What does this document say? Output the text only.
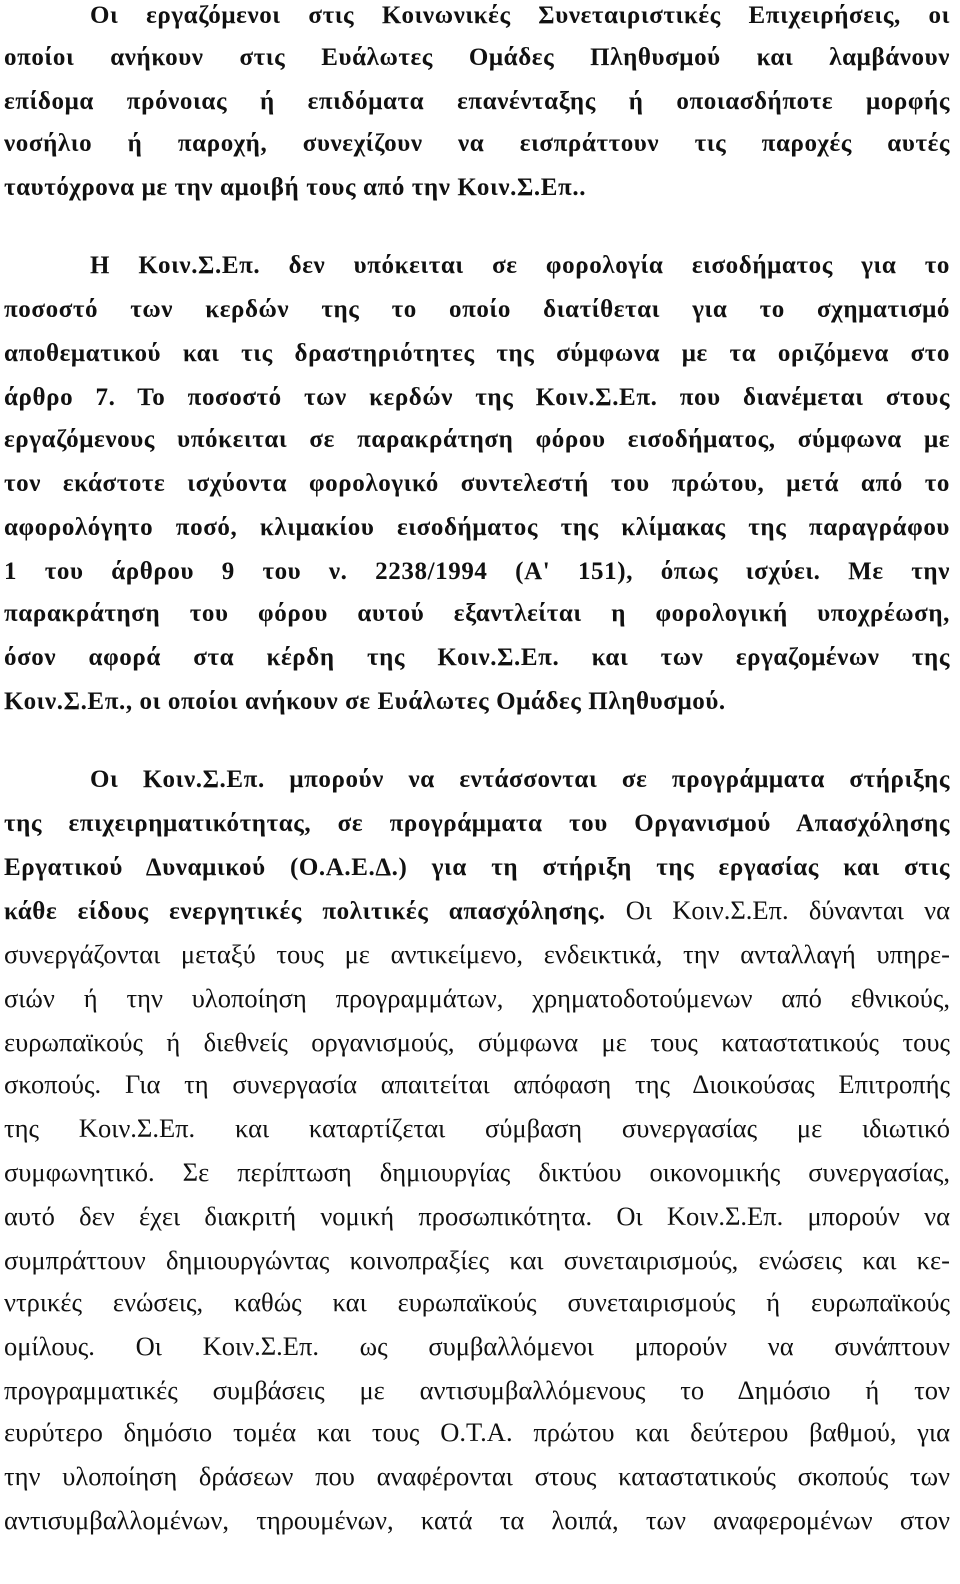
Οι εργαζόμενοι στις Κοινωνικές Συνεταιριστικές Επιχειρήσεις, οι

οποίοι ανήκουν στις Ευάλωτες Ομάδες Πληθυσμού και λαμβάνουν

επίδομα πρόνοιας ή επιδόματα επανένταξης ή οποιασδήποτε μορφής

νοσήλιο ή παροχή, συνεχίζουν να εισπράττουν τις παροχές αυτές

ταυτόχρονα με την αμοιβή τους από την Κοιν.Σ.Επ..

Η Κοιν.Σ.Επ. δεν υπόκειται σε φορολογία εισοδήματος για το

ποσοστό των κερδών της το οποίο διατίθεται για το σχηματισμό

αποθεματικού και τις δραστηριότητες της σύμφωνα με τα οριζόμενα στο

άρθρο 7. Το ποσοστό των κερδών της Κοιν.Σ.Επ. που διανέμεται στους

εργαζόμενους υπόκειται σε παρακράτηση φόρου εισοδήματος, σύμφωνα με

τον εκάστοτε ισχύοντα φορολογικό συντελεστή του πρώτου, μετά από το

αφορολόγητο ποσό, κλιμακίου εισοδήματος της κλίμακας της παραγράφου

1 του άρθρου 9 του ν. 2238/1994 (Α' 151), όπως ισχύει. Με την

παρακράτηση του φόρου αυτού εξαντλείται η φορολογική υποχρέωση,

όσον αφορά στα κέρδη της Κοιν.Σ.Επ. και των εργαζομένων της

Κοιν.Σ.Επ., οι οποίοι ανήκουν σε Ευάλωτες Ομάδες Πληθυσμού.

Οι Κοιν.Σ.Επ. μπορούν να εντάσσονται σε προγράμματα στήριξης

της επιχειρηματικότητας, σε προγράμματα του Οργανισμού Απασχόλησης

Εργατικού Δυναμικού (Ο.Α.Ε.Δ.) για τη στήριξη της εργασίας και στις

κάθε είδους ενεργητικές πολιτικές απασχόλησης. Οι Κοιν.Σ.Επ. δύνανται να

συνεργάζονται μεταξύ τους με αντικείμενο, ενδεικτικά, την ανταλλαγή υπηρε-

σιών ή την υλοποίηση προγραμμάτων, χρηματοδοτούμενων από εθνικούς,

ευρωπαϊκούς ή διεθνείς οργανισμούς, σύμφωνα με τους καταστατικούς τους

σκοπούς. Για τη συνεργασία απαιτείται απόφαση της Διοικούσας Επιτροπής

της Κοιν.Σ.Επ. και καταρτίζεται σύμβαση συνεργασίας με ιδιωτικό

συμφωνητικό. Σε περίπτωση δημιουργίας δικτύου οικονομικής συνεργασίας,

αυτό δεν έχει διακριτή νομική προσωπικότητα. Οι Κοιν.Σ.Επ. μπορούν να

συμπράττουν δημιουργώντας κοινοπραξίες και συνεταιρισμούς, ενώσεις και κε-

ντρικές ενώσεις, καθώς και ευρωπαϊκούς συνεταιρισμούς ή ευρωπαϊκούς

ομίλους. Οι Κοιν.Σ.Επ. ως συμβαλλόμενοι μπορούν να συνάπτουν

προγραμματικές συμβάσεις με αντισυμβαλλόμενους το Δημόσιο ή τον

ευρύτερο δημόσιο τομέα και τους Ο.Τ.Α. πρώτου και δεύτερου βαθμού, για

την υλοποίηση δράσεων που αναφέρονται στους καταστατικούς σκοπούς των

αντισυμβαλλομένων, τηρουμένων, κατά τα λοιπά, των αναφερομένων στον
